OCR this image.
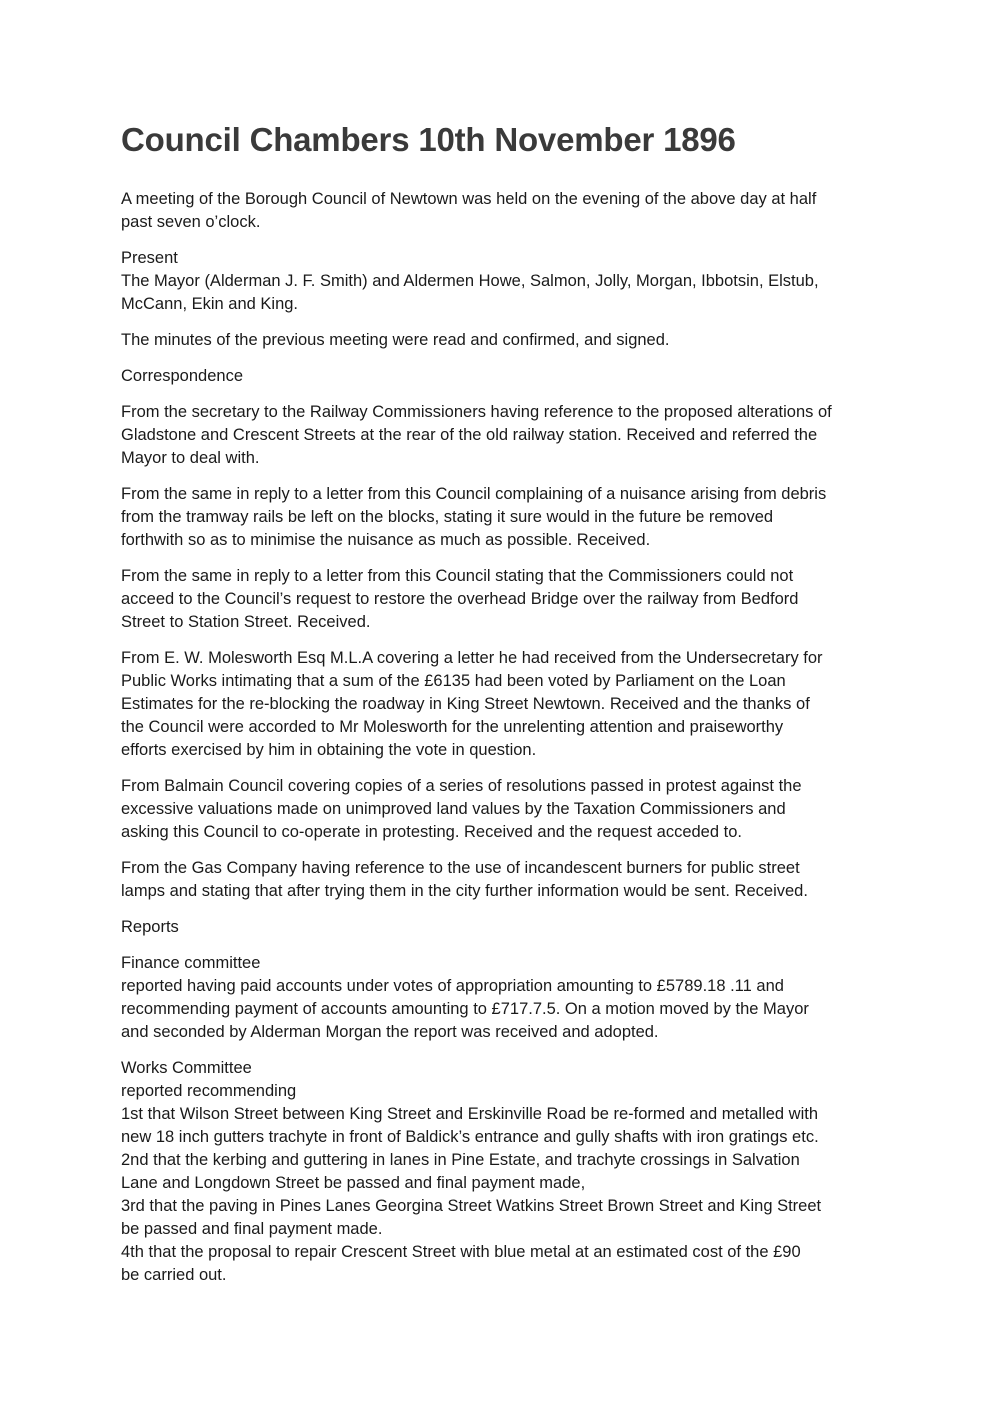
Council Chambers 10th November 1896
A meeting of the Borough Council of Newtown was held on the evening of the above day at half
past seven o’clock.
Present
The Mayor (Alderman J. F. Smith) and Aldermen Howe, Salmon, Jolly, Morgan, Ibbotsin, Elstub,
McCann, Ekin and King.
The minutes of the previous meeting were read and confirmed, and signed.
Correspondence
From the secretary to the Railway Commissioners having reference to the proposed alterations of
Gladstone and Crescent Streets at the rear of the old railway station. Received and referred the
Mayor to deal with.
From the same in reply to a letter from this Council complaining of a nuisance arising from debris
from the tramway rails be left on the blocks, stating it sure would in the future be removed
forthwith so as to minimise the nuisance as much as possible. Received.
From the same in reply to a letter from this Council stating that the Commissioners could not
acceed to the Council’s request to restore the overhead Bridge over the railway from Bedford
Street to Station Street. Received.
From E. W. Molesworth Esq M.L.A covering a letter he had received from the Undersecretary for
Public Works intimating that a sum of the £6135 had been voted by Parliament on the Loan
Estimates for the re-blocking the roadway in King Street Newtown. Received and the thanks of
the Council were accorded to Mr Molesworth for the unrelenting attention and praiseworthy
efforts exercised by him in obtaining the vote in question.
From Balmain Council covering copies of a series of resolutions passed in protest against the
excessive valuations made on unimproved land values by the Taxation Commissioners and
asking this Council to co-operate in protesting. Received and the request acceded to.
From the Gas Company having reference to the use of incandescent burners for public street
lamps and stating that after trying them in the city further information would be sent. Received.
Reports
Finance committee
reported having paid accounts under votes of appropriation amounting to £5789.18 .11 and
recommending payment of accounts amounting to £717.7.5. On a motion moved by the Mayor
and seconded by Alderman Morgan the report was received and adopted.
Works Committee
reported recommending
1st that Wilson Street between King Street and Erskinville Road be re-formed and metalled with
new 18 inch gutters trachyte in front of Baldick’s entrance and gully shafts with iron gratings etc.
2nd that the kerbing and guttering in lanes in Pine Estate, and trachyte crossings in Salvation
Lane and Longdown Street be passed and final payment made,
3rd that the paving in Pines Lanes Georgina Street Watkins Street Brown Street and King Street
be passed and final payment made.
4th that the proposal to repair Crescent Street with blue metal at an estimated cost of the £90
be carried out.
